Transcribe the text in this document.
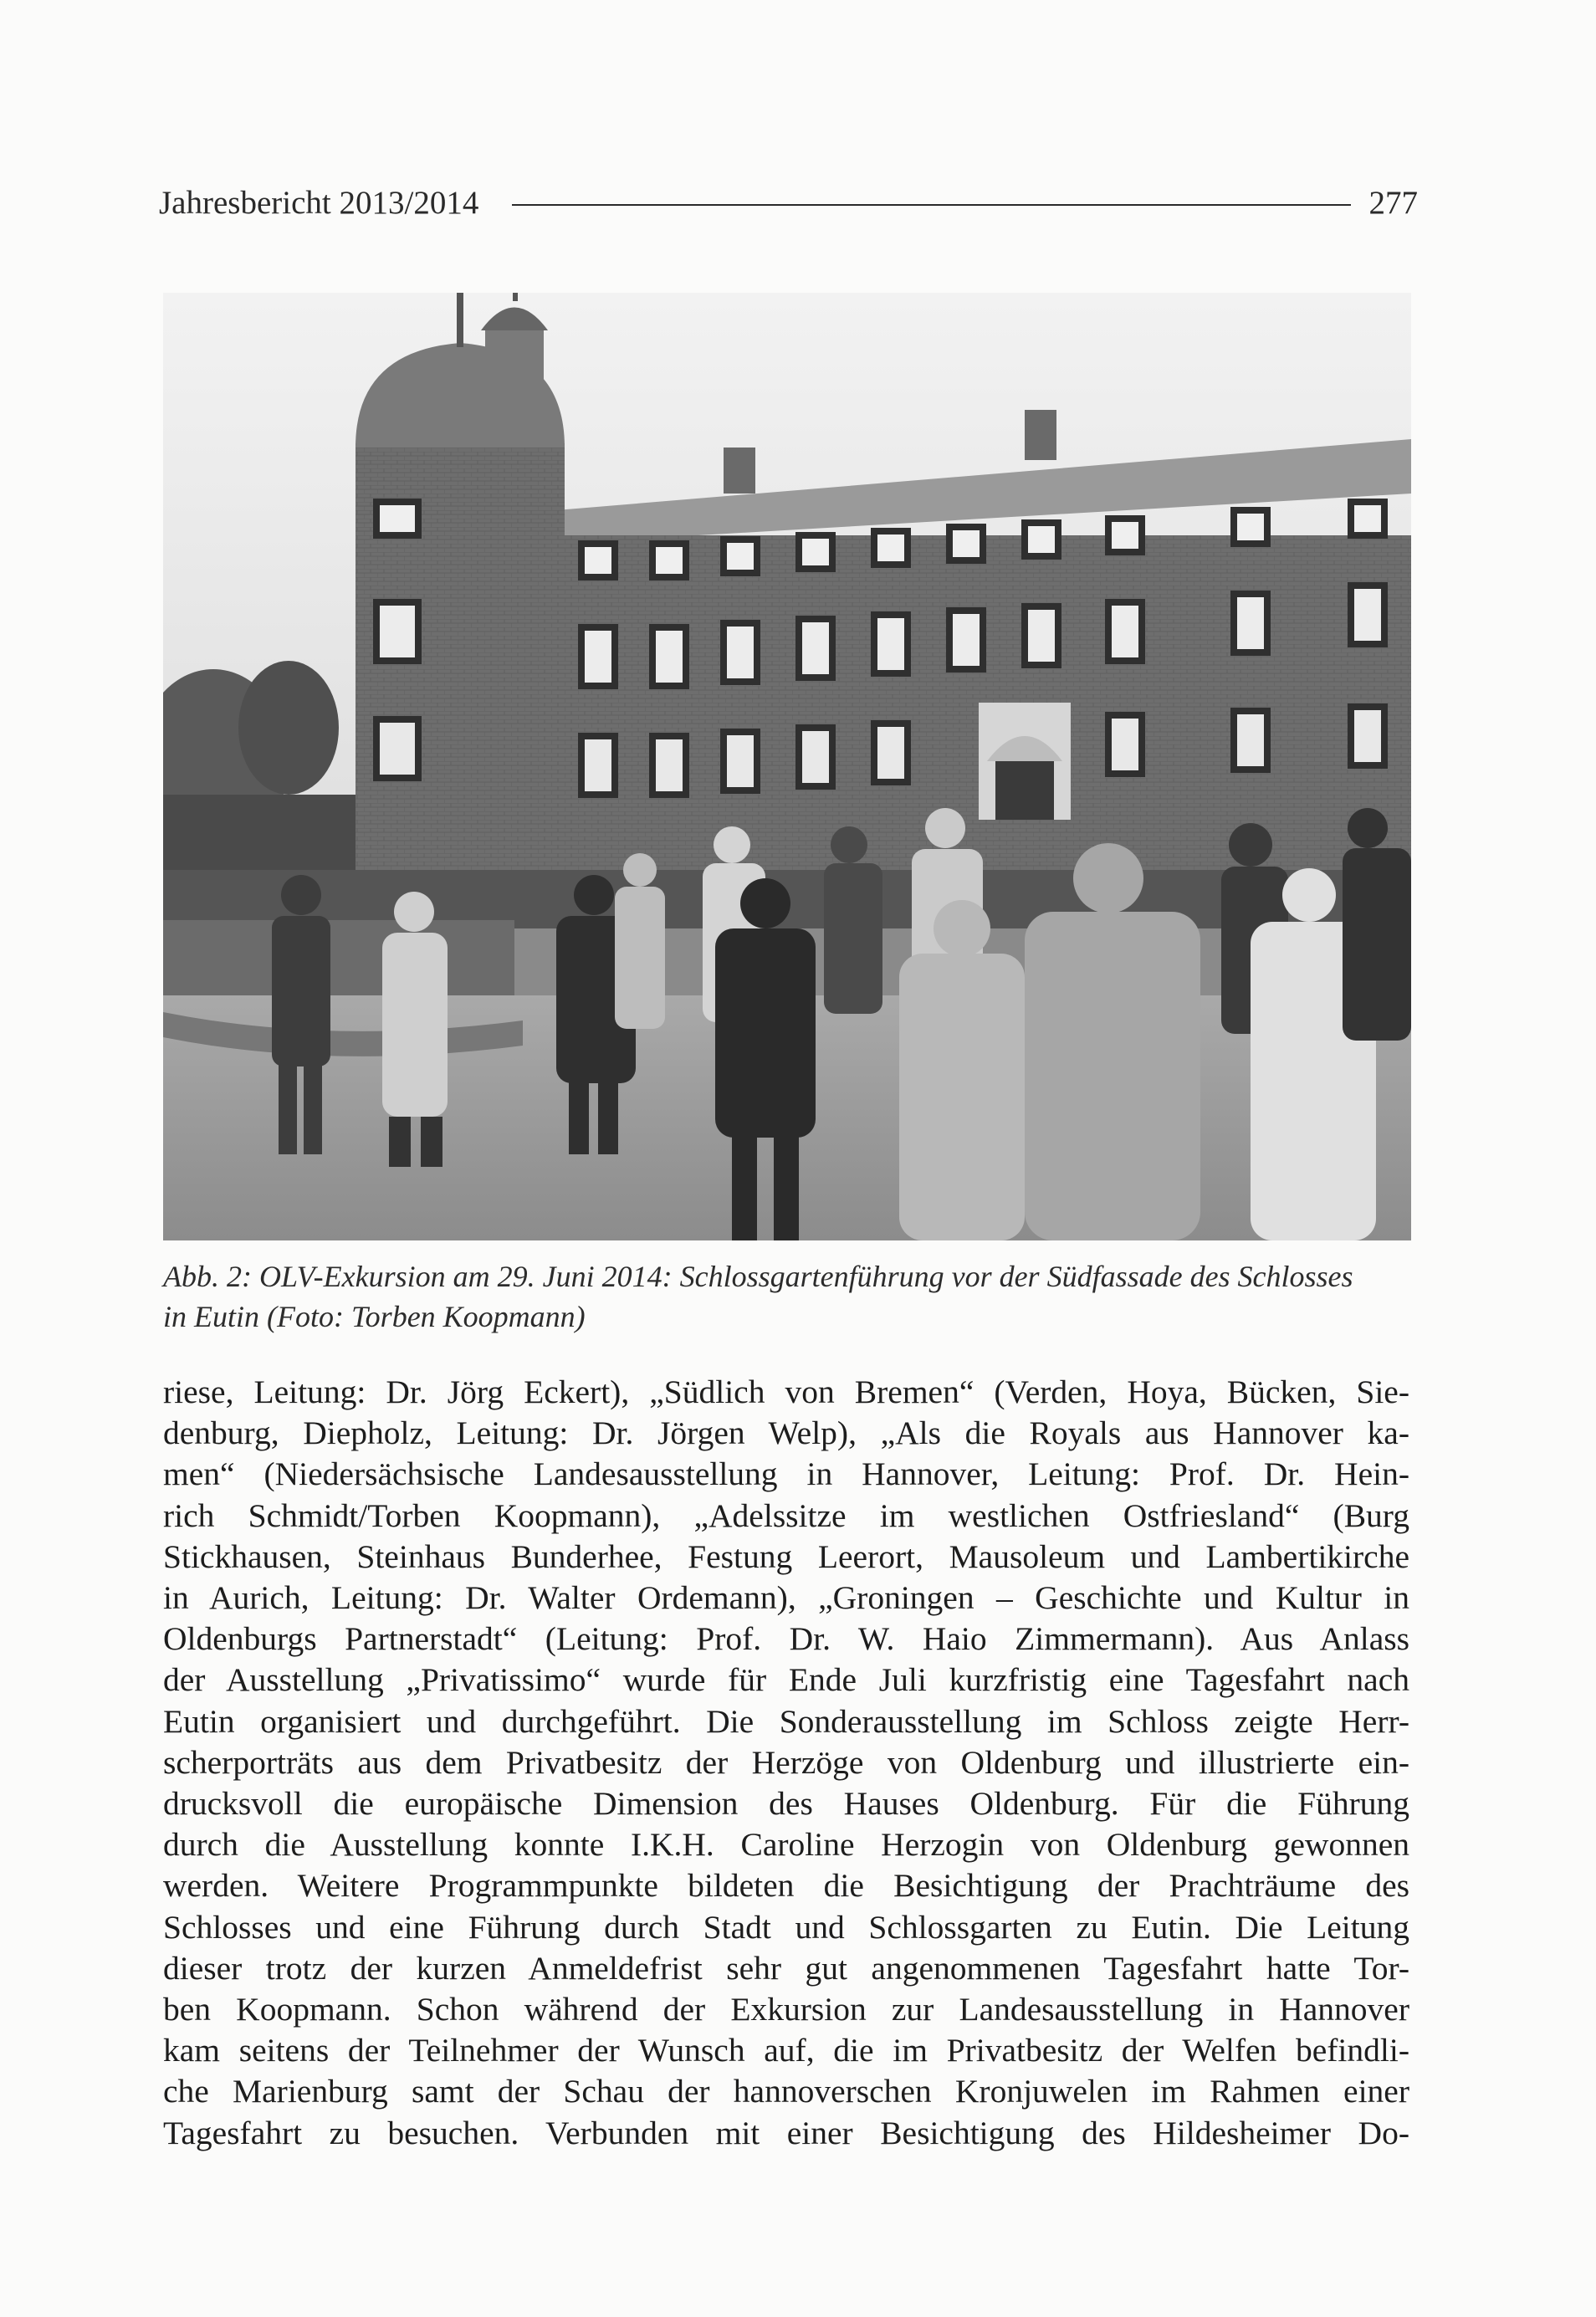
Jahresbericht 2013/2014	277

Abb. 2: OLV-Exkursion am 29. Juni 2014: Schlossgartenführung vor der Südfassade des Schlosses
in Eutin (Foto: Torben Koopmann)

riese, Leitung: Dr. Jörg Eckert), „Südlich von Bremen“ (Verden, Hoya, Bücken, Sie-
denburg, Diepholz, Leitung: Dr. Jörgen Welp), „Als die Royals aus Hannover ka-
men“ (Niedersächsische Landesausstellung in Hannover, Leitung: Prof. Dr. Hein-
rich Schmidt/Torben Koopmann), „Adelssitze im westlichen Ostfriesland“ (Burg
Stickhausen, Steinhaus Bunderhee, Festung Leerort, Mausoleum und Lambertikirche
in Aurich, Leitung: Dr. Walter Ordemann), „Groningen – Geschichte und Kultur in
Oldenburgs Partnerstadt“ (Leitung: Prof. Dr. W. Haio Zimmermann). Aus Anlass
der Ausstellung „Privatissimo“ wurde für Ende Juli kurzfristig eine Tagesfahrt nach
Eutin organisiert und durchgeführt. Die Sonderausstellung im Schloss zeigte Herr-
scherporträts aus dem Privatbesitz der Herzöge von Oldenburg und illustrierte ein-
drucksvoll die europäische Dimension des Hauses Oldenburg. Für die Führung
durch die Ausstellung konnte I.K.H. Caroline Herzogin von Oldenburg gewonnen
werden. Weitere Programmpunkte bildeten die Besichtigung der Prachträume des
Schlosses und eine Führung durch Stadt und Schlossgarten zu Eutin. Die Leitung
dieser trotz der kurzen Anmeldefrist sehr gut angenommenen Tagesfahrt hatte Tor-
ben Koopmann. Schon während der Exkursion zur Landesausstellung in Hannover
kam seitens der Teilnehmer der Wunsch auf, die im Privatbesitz der Welfen befindli-
che Marienburg samt der Schau der hannoverschen Kronjuwelen im Rahmen einer
Tagesfahrt zu besuchen. Verbunden mit einer Besichtigung des Hildesheimer Do-
